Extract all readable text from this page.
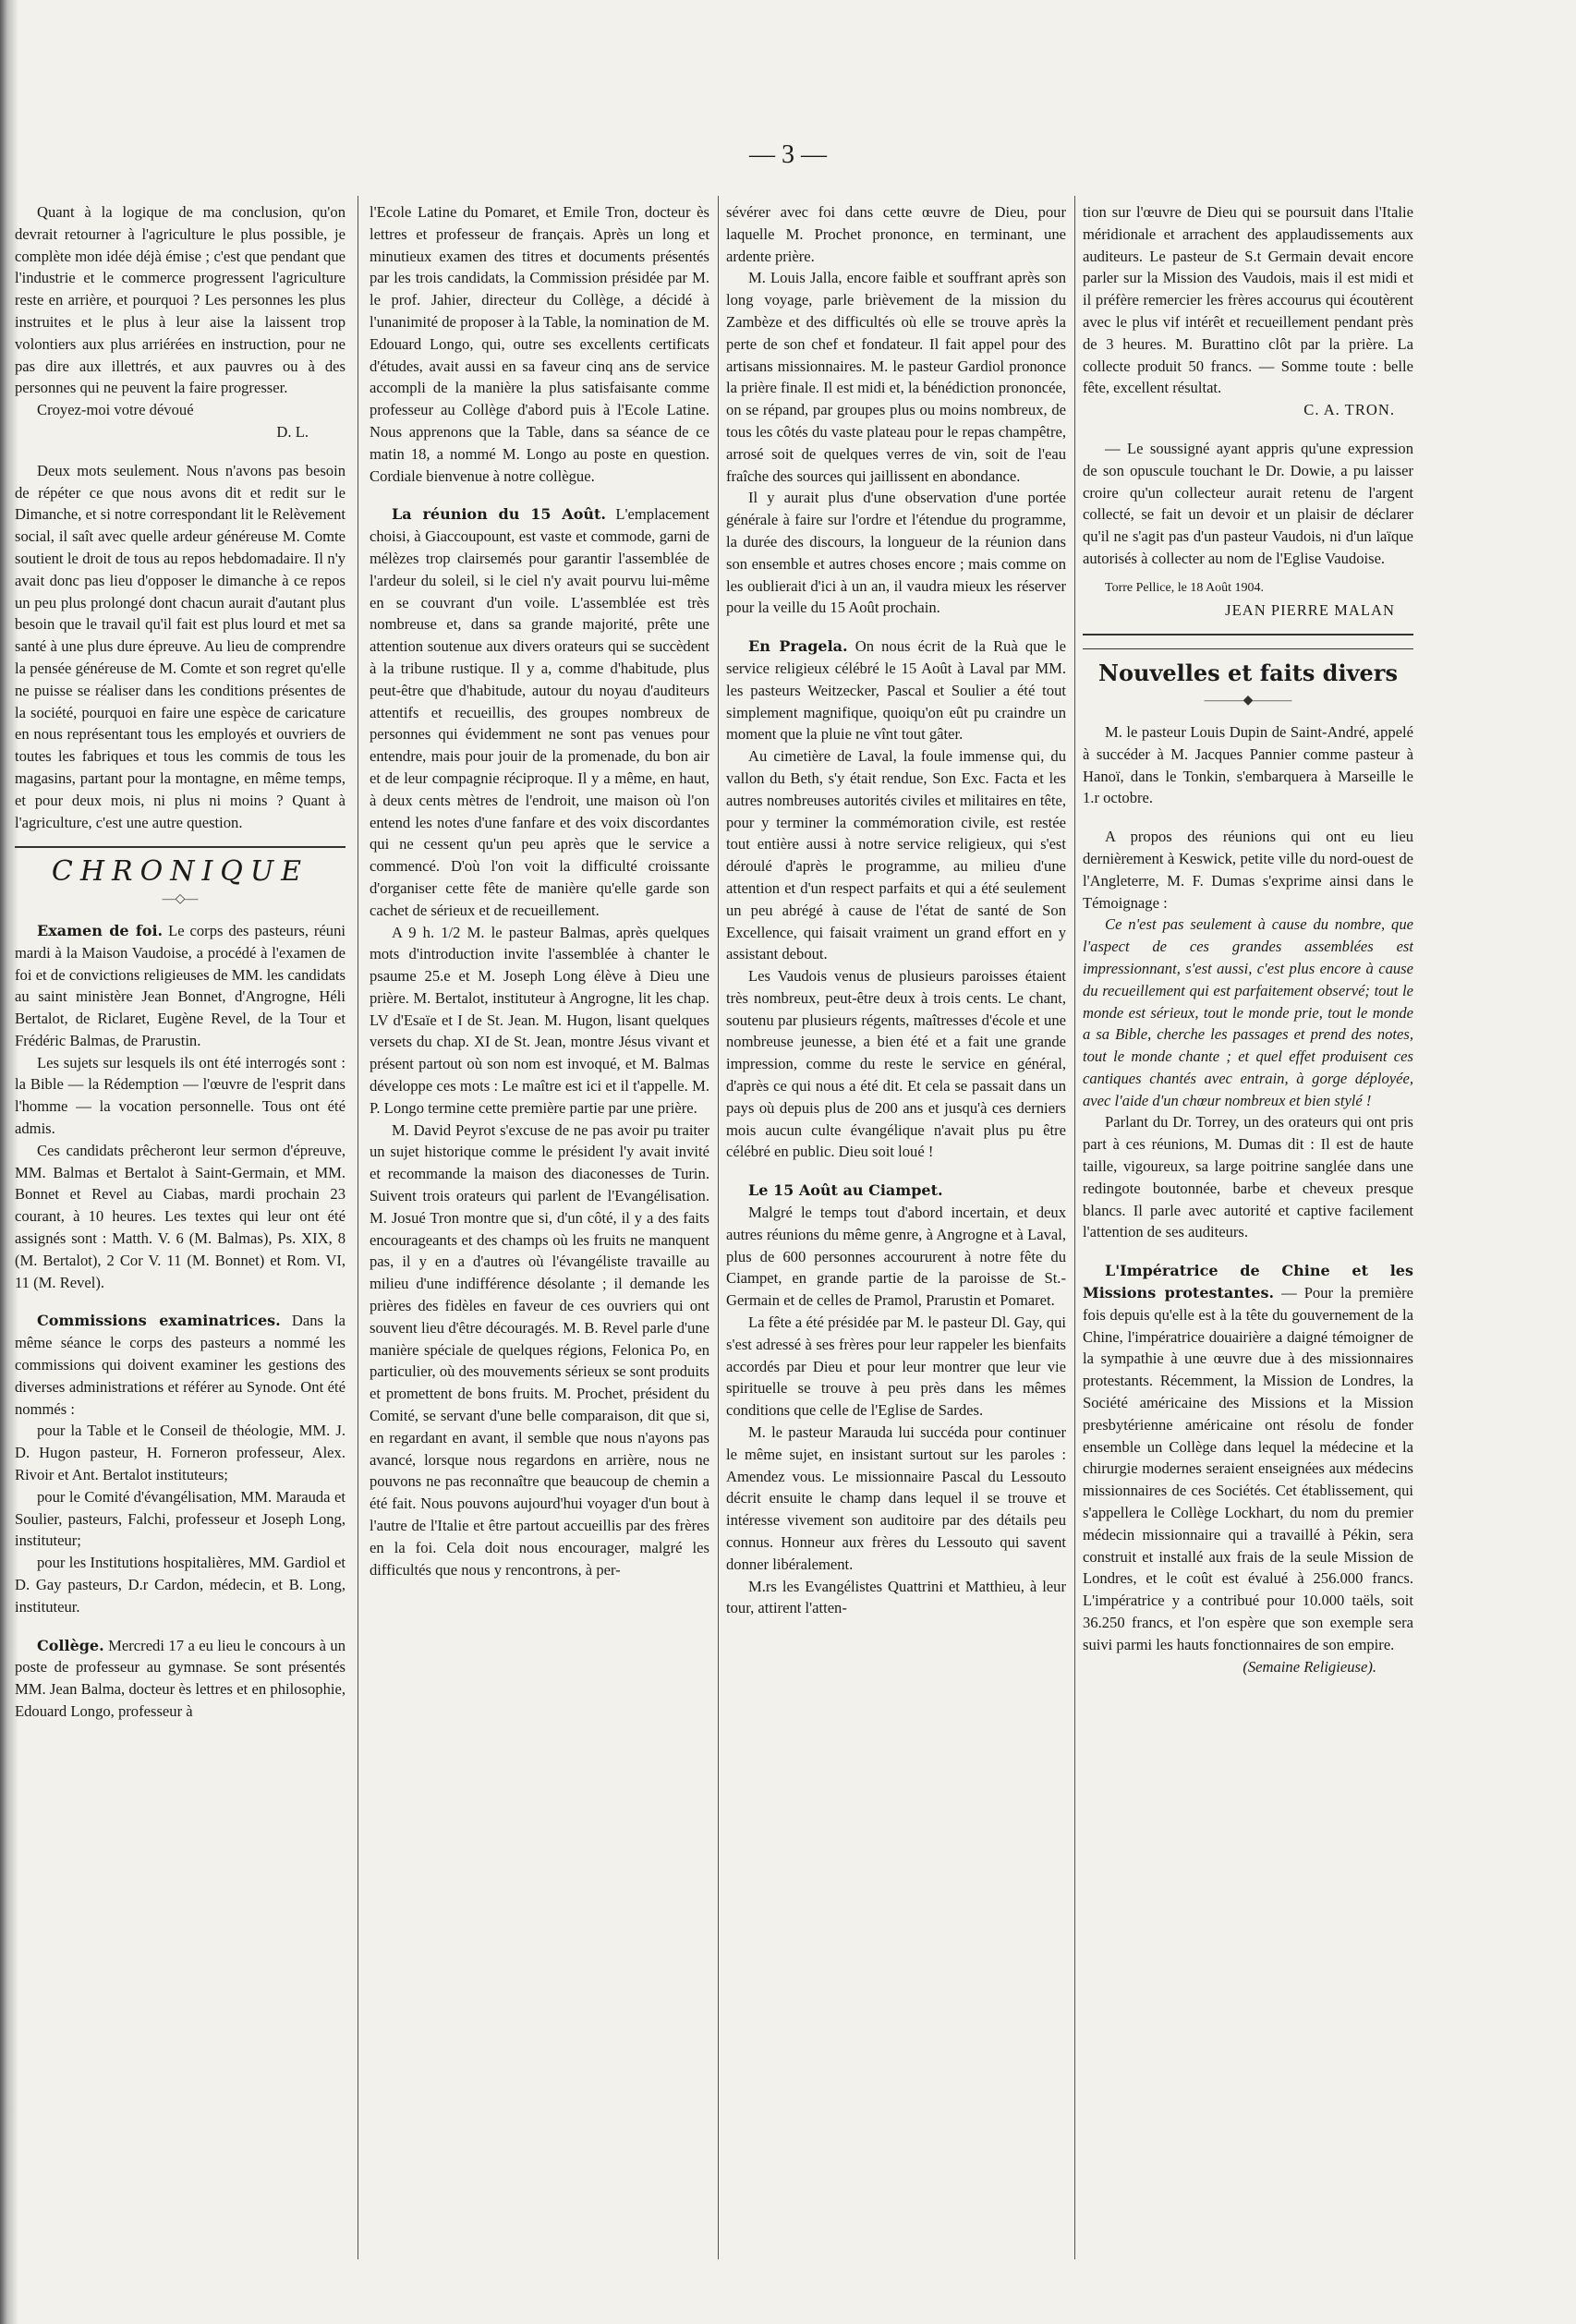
— 3 —

Quant à la logique de ma conclusion, qu'on devrait retourner à l'agriculture le plus possible, je complète mon idée déjà émise ; c'est que pendant que l'industrie et le commerce progressent l'agriculture reste en arrière, et pourquoi ? Les personnes les plus instruites et le plus à leur aise la laissent trop volontiers aux plus arriérées en instruction, pour ne pas dire aux illettrés, et aux pauvres ou à des personnes qui ne peuvent la faire progresser.

Croyez-moi votre dévoué

D. L.

Deux mots seulement. Nous n'avons pas besoin de répéter ce que nous avons dit et redit sur le Dimanche, et si notre correspondant lit le Relèvement social, il saît avec quelle ardeur généreuse M. Comte soutient le droit de tous au repos hebdomadaire. Il n'y avait donc pas lieu d'opposer le dimanche à ce repos un peu plus prolongé dont chacun aurait d'autant plus besoin que le travail qu'il fait est plus lourd et met sa santé à une plus dure épreuve. Au lieu de comprendre la pensée généreuse de M. Comte et son regret qu'elle ne puisse se réaliser dans les conditions présentes de la société, pourquoi en faire une espèce de caricature en nous représentant tous les employés et ouvriers de toutes les fabriques et tous les commis de tous les magasins, partant pour la montagne, en même temps, et pour deux mois, ni plus ni moins ? Quant à l'agriculture, c'est une autre question.

CHRONIQUE

—◇—

Examen de foi. Le corps des pasteurs, réuni mardi à la Maison Vaudoise, a procédé à l'examen de foi et de convictions religieuses de MM. les candidats au saint ministère Jean Bonnet, d'Angrogne, Héli Bertalot, de Riclaret, Eugène Revel, de la Tour et Frédéric Balmas, de Prarustin.

Les sujets sur lesquels ils ont été interrogés sont : la Bible — la Rédemption — l'œuvre de l'esprit dans l'homme — la vocation personnelle. Tous ont été admis.

Ces candidats prêcheront leur sermon d'épreuve, MM. Balmas et Bertalot à Saint-Germain, et MM. Bonnet et Revel au Ciabas, mardi prochain 23 courant, à 10 heures. Les textes qui leur ont été assignés sont : Matth. V. 6 (M. Balmas), Ps. XIX, 8 (M. Bertalot), 2 Cor V. 11 (M. Bonnet) et Rom. VI, 11 (M. Revel).

Commissions examinatrices. Dans la même séance le corps des pasteurs a nommé les commissions qui doivent examiner les gestions des diverses administrations et référer au Synode. Ont été nommés :

pour la Table et le Conseil de théologie, MM. J. D. Hugon pasteur, H. Forneron professeur, Alex. Rivoir et Ant. Bertalot instituteurs;

pour le Comité d'évangélisation, MM. Marauda et Soulier, pasteurs, Falchi, professeur et Joseph Long, instituteur;

pour les Institutions hospitalières, MM. Gardiol et D. Gay pasteurs, D.r Cardon, médecin, et B. Long, instituteur.

Collège. Mercredi 17 a eu lieu le concours à un poste de professeur au gymnase. Se sont présentés MM. Jean Balma, docteur ès lettres et en philosophie, Edouard Longo, professeur à

l'Ecole Latine du Pomaret, et Emile Tron, docteur ès lettres et professeur de français. Après un long et minutieux examen des titres et documents présentés par les trois candidats, la Commission présidée par M. le prof. Jahier, directeur du Collège, a décidé à l'unanimité de proposer à la Table, la nomination de M. Edouard Longo, qui, outre ses excellents certificats d'études, avait aussi en sa faveur cinq ans de service accompli de la manière la plus satisfaisante comme professeur au Collège d'abord puis à l'Ecole Latine. Nous apprenons que la Table, dans sa séance de ce matin 18, a nommé M. Longo au poste en question. Cordiale bienvenue à notre collègue.

La réunion du 15 Août. L'emplacement choisi, à Giaccoupount, est vaste et commode, garni de mélèzes trop clairsemés pour garantir l'assemblée de l'ardeur du soleil, si le ciel n'y avait pourvu lui-même en se couvrant d'un voile. L'assemblée est très nombreuse et, dans sa grande majorité, prête une attention soutenue aux divers orateurs qui se succèdent à la tribune rustique. Il y a, comme d'habitude, plus peut-être que d'habitude, autour du noyau d'auditeurs attentifs et recueillis, des groupes nombreux de personnes qui évidemment ne sont pas venues pour entendre, mais pour jouir de la promenade, du bon air et de leur compagnie réciproque. Il y a même, en haut, à deux cents mètres de l'endroit, une maison où l'on entend les notes d'une fanfare et des voix discordantes qui ne cessent qu'un peu après que le service a commencé. D'où l'on voit la difficulté croissante d'organiser cette fête de manière qu'elle garde son cachet de sérieux et de recueillement.

A 9 h. 1/2 M. le pasteur Balmas, après quelques mots d'introduction invite l'assemblée à chanter le psaume 25.e et M. Joseph Long élève à Dieu une prière. M. Bertalot, instituteur à Angrogne, lit les chap. LV d'Esaïe et I de St. Jean. M. Hugon, lisant quelques versets du chap. XI de St. Jean, montre Jésus vivant et présent partout où son nom est invoqué, et M. Balmas développe ces mots : Le maître est ici et il t'appelle. M. P. Longo termine cette première partie par une prière.

M. David Peyrot s'excuse de ne pas avoir pu traiter un sujet historique comme le président l'y avait invité et recommande la maison des diaconesses de Turin. Suivent trois orateurs qui parlent de l'Evangélisation. M. Josué Tron montre que si, d'un côté, il y a des faits encourageants et des champs où les fruits ne manquent pas, il y en a d'autres où l'évangéliste travaille au milieu d'une indifférence désolante ; il demande les prières des fidèles en faveur de ces ouvriers qui ont souvent lieu d'être découragés. M. B. Revel parle d'une manière spéciale de quelques régions, Felonica Po, en particulier, où des mouvements sérieux se sont produits et promettent de bons fruits. M. Prochet, président du Comité, se servant d'une belle comparaison, dit que si, en regardant en avant, il semble que nous n'ayons pas avancé, lorsque nous regardons en arrière, nous ne pouvons ne pas reconnaître que beaucoup de chemin a été fait. Nous pouvons aujourd'hui voyager d'un bout à l'autre de l'Italie et être partout accueillis par des frères en la foi. Cela doit nous encourager, malgré les difficultés que nous y rencontrons, à per-

sévérer avec foi dans cette œuvre de Dieu, pour laquelle M. Prochet prononce, en terminant, une ardente prière.

M. Louis Jalla, encore faible et souffrant après son long voyage, parle brièvement de la mission du Zambèze et des difficultés où elle se trouve après la perte de son chef et fondateur. Il fait appel pour des artisans missionnaires. M. le pasteur Gardiol prononce la prière finale. Il est midi et, la bénédiction prononcée, on se répand, par groupes plus ou moins nombreux, de tous les côtés du vaste plateau pour le repas champêtre, arrosé soit de quelques verres de vin, soit de l'eau fraîche des sources qui jaillissent en abondance.

Il y aurait plus d'une observation d'une portée générale à faire sur l'ordre et l'étendue du programme, la durée des discours, la longueur de la réunion dans son ensemble et autres choses encore ; mais comme on les oublierait d'ici à un an, il vaudra mieux les réserver pour la veille du 15 Août prochain.

En Pragela. On nous écrit de la Ruà que le service religieux célébré le 15 Août à Laval par MM. les pasteurs Weitzecker, Pascal et Soulier a été tout simplement magnifique, quoiqu'on eût pu craindre un moment que la pluie ne vînt tout gâter.

Au cimetière de Laval, la foule immense qui, du vallon du Beth, s'y était rendue, Son Exc. Facta et les autres nombreuses autorités civiles et militaires en tête, pour y terminer la commémoration civile, est restée tout entière aussi à notre service religieux, qui s'est déroulé d'après le programme, au milieu d'une attention et d'un respect parfaits et qui a été seulement un peu abrégé à cause de l'état de santé de Son Excellence, qui faisait vraiment un grand effort en y assistant debout.

Les Vaudois venus de plusieurs paroisses étaient très nombreux, peut-être deux à trois cents. Le chant, soutenu par plusieurs régents, maîtresses d'école et une nombreuse jeunesse, a bien été et a fait une grande impression, comme du reste le service en général, d'après ce qui nous a été dit. Et cela se passait dans un pays où depuis plus de 200 ans et jusqu'à ces derniers mois aucun culte évangélique n'avait plus pu être célébré en public. Dieu soit loué !

Le 15 Août au Ciampet.

Malgré le temps tout d'abord incertain, et deux autres réunions du même genre, à Angrogne et à Laval, plus de 600 personnes accoururent à notre fête du Ciampet, en grande partie de la paroisse de St.-Germain et de celles de Pramol, Prarustin et Pomaret.

La fête a été présidée par M. le pasteur Dl. Gay, qui s'est adressé à ses frères pour leur rappeler les bienfaits accordés par Dieu et pour leur montrer que leur vie spirituelle se trouve à peu près dans les mêmes conditions que celle de l'Eglise de Sardes.

M. le pasteur Marauda lui succéda pour continuer le même sujet, en insistant surtout sur les paroles : Amendez vous. Le missionnaire Pascal du Lessouto décrit ensuite le champ dans lequel il se trouve et intéresse vivement son auditoire par des détails peu connus. Honneur aux frères du Lessouto qui savent donner libéralement.

M.rs les Evangélistes Quattrini et Matthieu, à leur tour, attirent l'atten-

tion sur l'œuvre de Dieu qui se poursuit dans l'Italie méridionale et arrachent des applaudissements aux auditeurs. Le pasteur de S.t Germain devait encore parler sur la Mission des Vaudois, mais il est midi et il préfère remercier les frères accourus qui écoutèrent avec le plus vif intérêt et recueillement pendant près de 3 heures. M. Burattino clôt par la prière. La collecte produit 50 francs. — Somme toute : belle fête, excellent résultat.

C. A. TRON.

— Le soussigné ayant appris qu'une expression de son opuscule touchant le Dr. Dowie, a pu laisser croire qu'un collecteur aurait retenu de l'argent collecté, se fait un devoir et un plaisir de déclarer qu'il ne s'agit pas d'un pasteur Vaudois, ni d'un laïque autorisés à collecter au nom de l'Eglise Vaudoise.

Torre Pellice, le 18 Août 1904.

JEAN PIERRE MALAN

Nouvelles et faits divers

———◆———

M. le pasteur Louis Dupin de Saint-André, appelé à succéder à M. Jacques Pannier comme pasteur à Hanoï, dans le Tonkin, s'embarquera à Marseille le 1.r octobre.

A propos des réunions qui ont eu lieu dernièrement à Keswick, petite ville du nord-ouest de l'Angleterre, M. F. Dumas s'exprime ainsi dans le Témoignage :

Ce n'est pas seulement à cause du nombre, que l'aspect de ces grandes assemblées est impressionnant, s'est aussi, c'est plus encore à cause du recueillement qui est parfaitement observé; tout le monde est sérieux, tout le monde prie, tout le monde a sa Bible, cherche les passages et prend des notes, tout le monde chante ; et quel effet produisent ces cantiques chantés avec entrain, à gorge déployée, avec l'aide d'un chœur nombreux et bien stylé !

Parlant du Dr. Torrey, un des orateurs qui ont pris part à ces réunions, M. Dumas dit : Il est de haute taille, vigoureux, sa large poitrine sanglée dans une redingote boutonnée, barbe et cheveux presque blancs. Il parle avec autorité et captive facilement l'attention de ses auditeurs.

L'Impératrice de Chine et les Missions protestantes. — Pour la première fois depuis qu'elle est à la tête du gouvernement de la Chine, l'impératrice douairière a daigné témoigner de la sympathie à une œuvre due à des missionnaires protestants. Récemment, la Mission de Londres, la Société américaine des Missions et la Mission presbytérienne américaine ont résolu de fonder ensemble un Collège dans lequel la médecine et la chirurgie modernes seraient enseignées aux médecins missionnaires de ces Sociétés. Cet établissement, qui s'appellera le Collège Lockhart, du nom du premier médecin missionnaire qui a travaillé à Pékin, sera construit et installé aux frais de la seule Mission de Londres, et le coût est évalué à 256.000 francs. L'impératrice y a contribué pour 10.000 taëls, soit 36.250 francs, et l'on espère que son exemple sera suivi parmi les hauts fonctionnaires de son empire.

(Semaine Religieuse).
